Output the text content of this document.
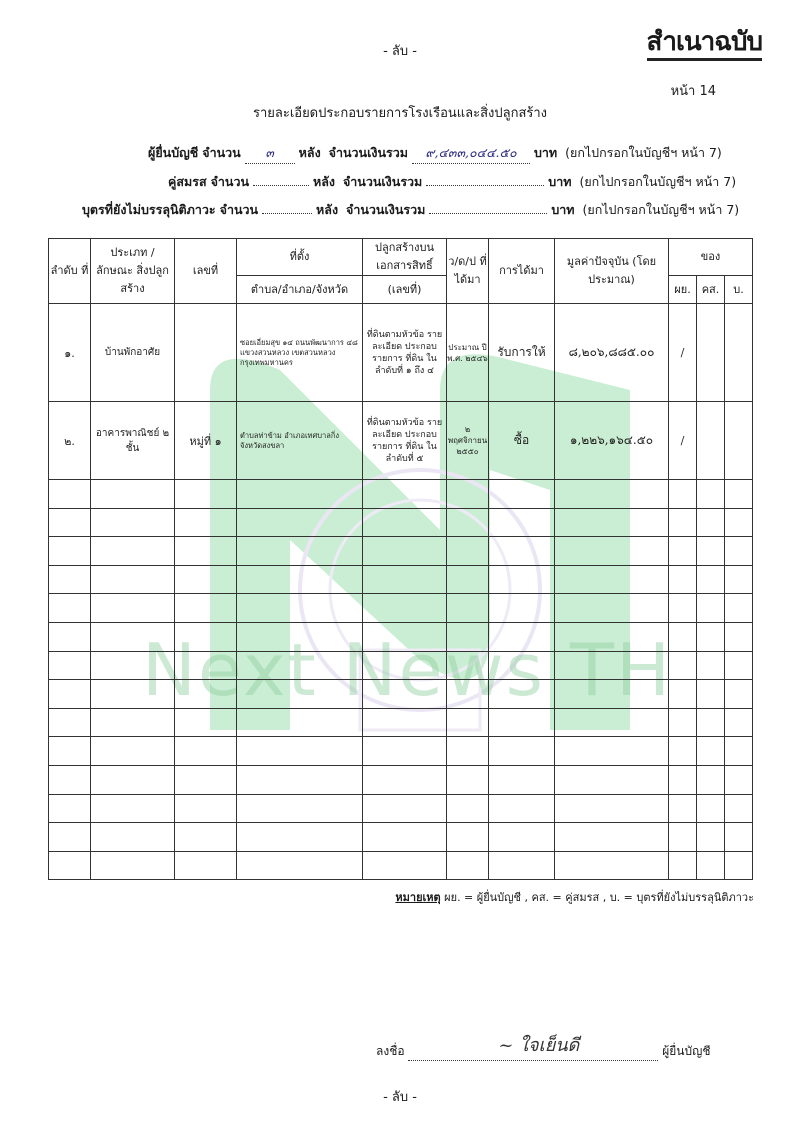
Next News TH
- ลับ -	สำเนาฉบับ
หน้า 14
รายละเอียดประกอบรายการโรงเรือนและสิ่งปลูกสร้าง
ผู้ยื่นบัญชี จำนวน ๓ หลัง จำนวนเงินรวม ๙,๔๓๓,๐๔๔.๕๐ บาท (ยกไปกรอกในบัญชีฯ หน้า 7)
คู่สมรส จำนวน	หลัง จำนวนเงินรวม	บาท (ยกไปกรอกในบัญชีฯ หน้า 7)
บุตรที่ยังไม่บรรลุนิติภาวะ จำนวน	หลัง จำนวนเงินรวม	บาท (ยกไปกรอกในบัญชีฯ หน้า 7)
ลำดับ ที่	ประเภท / ลักษณะ สิ่งปลูกสร้าง	เลขที่	ที่ตั้ง	ปลูกสร้างบน เอกสารสิทธิ์	ว/ด/ป ที่ได้มา	การได้มา	มูลค่าปัจจุบัน (โดยประมาณ)	ของ		
			ตำบล/อำเภอ/จังหวัด	(เลขที่)				ผย.	คส.	บ.
๑.	บ้านพักอาศัย		ซอยเอี่ยมสุข ๑๔ ถนนพัฒนาการ ๔๘ แขวงสวนหลวง เขตสวนหลวง กรุงเทพมหานคร	ที่ดินตามหัวข้อ รายละเอียด ประกอบรายการ ที่ดิน ในลำดับที่ ๑ ถึง ๔	ประมาณ ปี พ.ศ. ๒๕๔๖	รับการให้	๘,๒๐๖,๘๘๕.๐๐	/		
๒.	อาคารพาณิชย์ ๒ ชั้น	หมู่ที่ ๑	ตำบลท่าข้าม อำเภอเทศบาลกิ่ง จังหวัดสงขลา	ที่ดินตามหัวข้อ รายละเอียด ประกอบรายการ ที่ดิน ในลำดับที่ ๕	๒ พฤศจิกายน ๒๕๕๐	ซื้อ	๑,๒๒๖,๑๖๔.๕๐	/		

หมายเหตุ ผย. = ผู้ยื่นบัญชี , คส. = คู่สมรส , บ. = บุตรที่ยังไม่บรรลุนิติภาวะ
ลงชื่อ	~ ใจเย็นดี	ผู้ยื่นบัญชี
- ลับ -
